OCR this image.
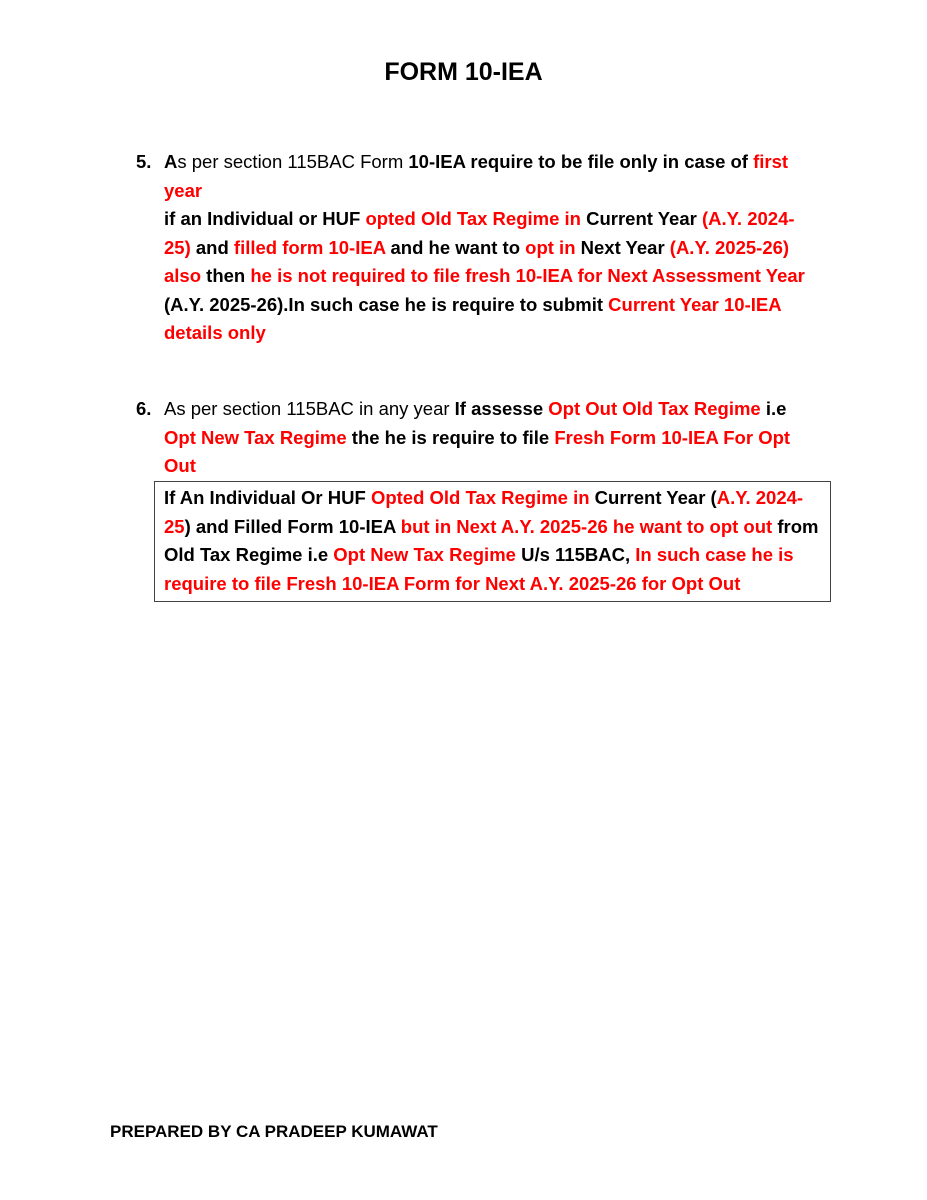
FORM 10-IEA
5. As per section 115BAC Form 10-IEA require to be file only in case of first year
if an Individual or HUF opted Old Tax Regime in Current Year (A.Y. 2024-25) and filled form 10-IEA and he want to opt in Next Year (A.Y. 2025-26) also then he is not required to file fresh 10-IEA for Next Assessment Year (A.Y. 2025-26).In such case he is require to submit Current Year 10-IEA details only
6. As per section 115BAC in any year If assesse Opt Out Old Tax Regime i.e Opt New Tax Regime the he is require to file Fresh Form 10-IEA For Opt Out
If An Individual Or HUF Opted Old Tax Regime in Current Year (A.Y. 2024-25) and Filled Form 10-IEA but in Next A.Y. 2025-26 he want to opt out from Old Tax Regime i.e Opt New Tax Regime U/s 115BAC, In such case he is require to file Fresh 10-IEA Form for Next A.Y. 2025-26 for Opt Out
PREPARED BY CA PRADEEP KUMAWAT
